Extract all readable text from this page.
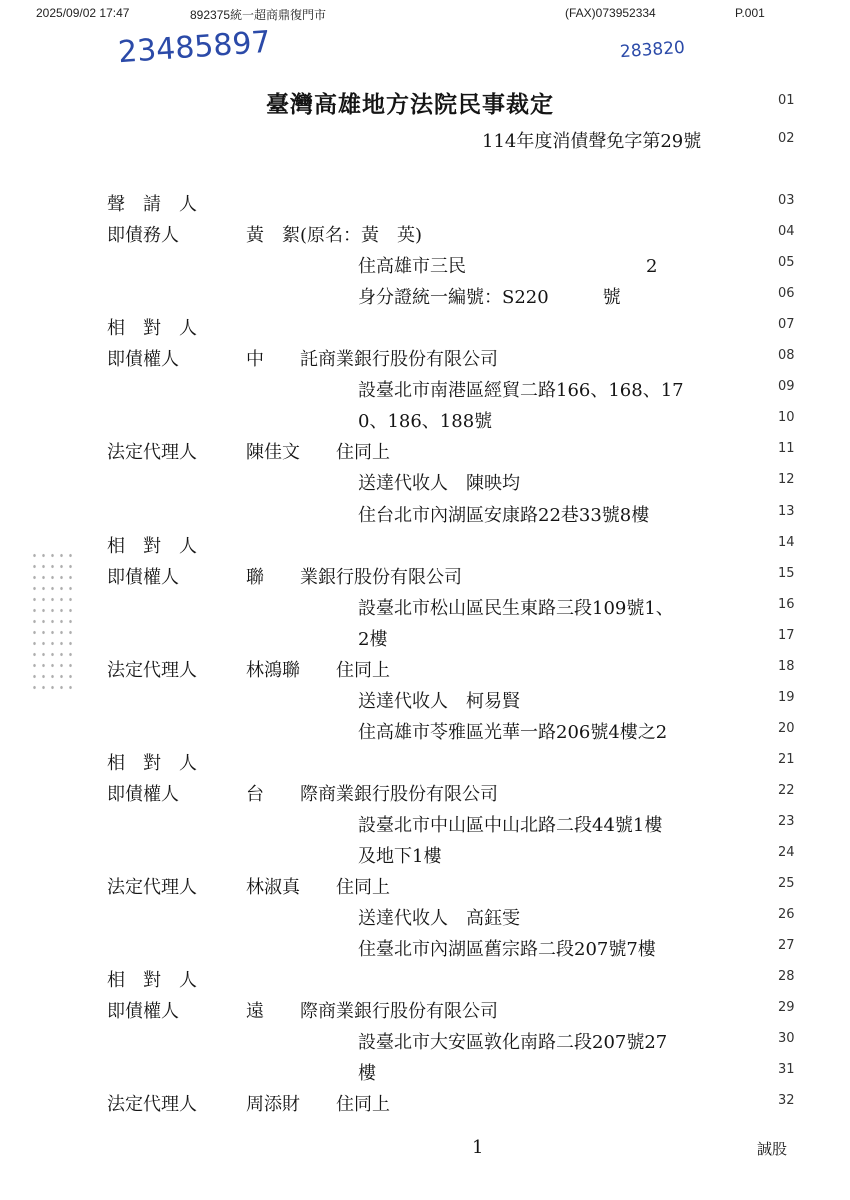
2025/09/02 17:47	892375統一超商鼎復門市	(FAX)073952334	P.001
23485897	283820
臺灣高雄地方法院民事裁定	01
114年度消債聲免字第29號	02
聲　請　人	03
即債務人	黃　絮(原名：黃　英)	04
住高雄市三民　　　　　　　　　　2	05
身分證統一編號：S220　　　號	06
相　對　人	07
即債權人	中　　託商業銀行股份有限公司	08
設臺北市南港區經貿二路166、168、17	09
0、186、188號	10
法定代理人	陳佳文　　住同上	11
送達代收人　陳映均	12
住台北市內湖區安康路22巷33號8樓	13
相　對　人	14
即債權人	聯　　業銀行股份有限公司	15
設臺北市松山區民生東路三段109號1、	16
2樓	17
法定代理人	林鴻聯　　住同上	18
送達代收人　柯易賢	19
住高雄市苓雅區光華一路206號4樓之2	20
相　對　人	21
即債權人	台　　際商業銀行股份有限公司	22
設臺北市中山區中山北路二段44號1樓	23
及地下1樓	24
法定代理人	林淑真　　住同上	25
送達代收人　高鈺雯	26
住臺北市內湖區舊宗路二段207號7樓	27
相　對　人	28
即債權人	遠　　際商業銀行股份有限公司	29
設臺北市大安區敦化南路二段207號27	30
樓	31
法定代理人	周添財　　住同上	32
1	誠股
